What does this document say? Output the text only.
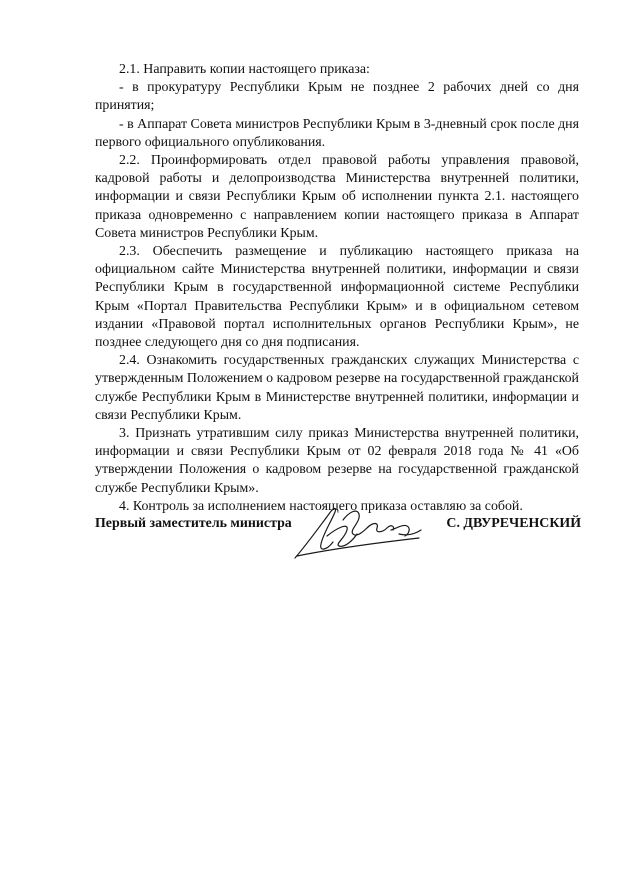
2.1. Направить копии настоящего приказа:

- в прокуратуру Республики Крым не позднее 2 рабочих дней со дня принятия;

- в Аппарат Совета министров Республики Крым в 3-дневный срок после дня первого официального опубликования.

2.2. Проинформировать отдел правовой работы управления правовой, кадровой работы и делопроизводства Министерства внутренней политики, информации и связи Республики Крым об исполнении пункта 2.1. настоящего приказа одновременно с направлением копии настоящего приказа в Аппарат Совета министров Республики Крым.

2.3. Обеспечить размещение и публикацию настоящего приказа на официальном сайте Министерства внутренней политики, информации и связи Республики Крым в государственной информационной системе Республики Крым «Портал Правительства Республики Крым» и в официальном сетевом издании «Правовой портал исполнительных органов Республики Крым», не позднее следующего дня со дня подписания.

2.4. Ознакомить государственных гражданских служащих Министерства с утвержденным Положением о кадровом резерве на государственной гражданской службе Республики Крым в Министерстве внутренней политики, информации и связи Республики Крым.

3. Признать утратившим силу приказ Министерства внутренней политики, информации и связи Республики Крым от 02 февраля 2018 года № 41 «Об утверждении Положения о кадровом резерве на государственной гражданской службе Республики Крым».

4. Контроль за исполнением настоящего приказа оставляю за собой.

Первый заместитель министра	С. ДВУРЕЧЕНСКИЙ
